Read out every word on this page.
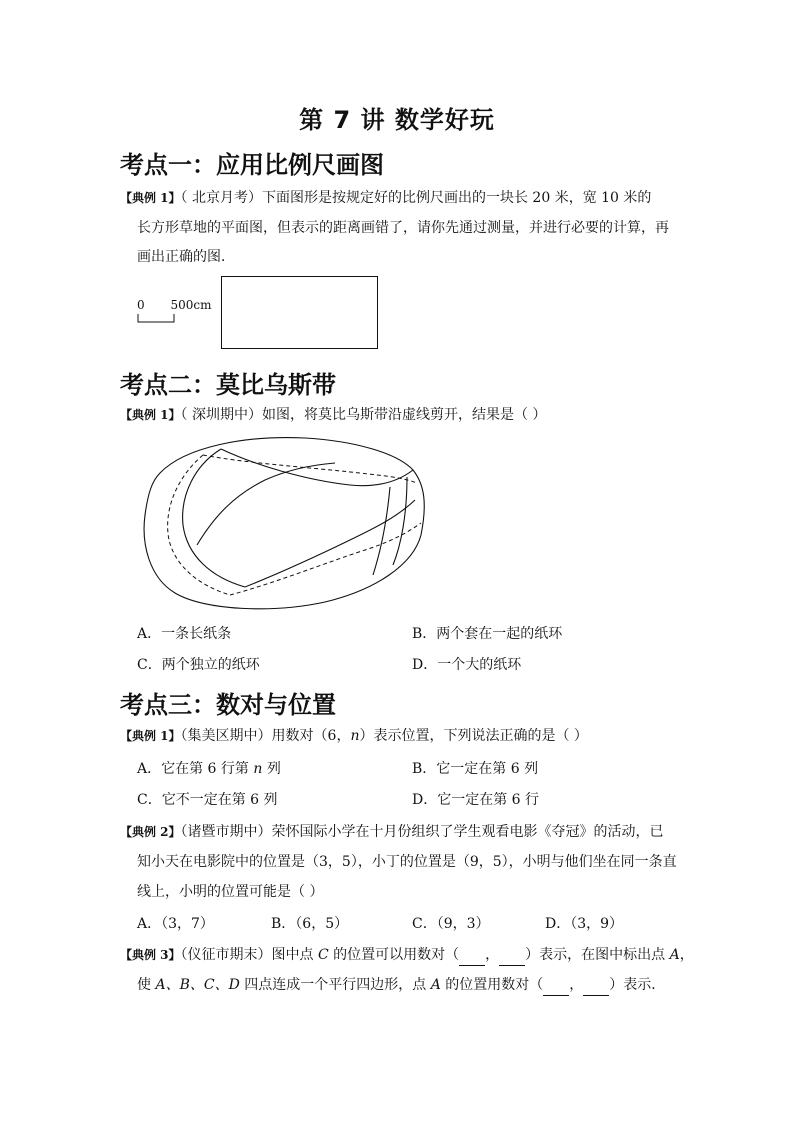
第 7 讲 数学好玩
考点一：应用比例尺画图
【典例 1】（ 北京月考）下面图形是按规定好的比例尺画出的一块长 20 米，宽 10 米的
长方形草地的平面图，但表示的距离画错了，请你先通过测量，并进行必要的计算，再
画出正确的图．
0 500cm
考点二：莫比乌斯带
【典例 1】（ 深圳期中）如图，将莫比乌斯带沿虚线剪开，结果是（ ）
A．一条长纸条	B．两个套在一起的纸环
C．两个独立的纸环	D．一个大的纸环
考点三：数对与位置
【典例 1】（集美区期中）用数对（6，n）表示位置，下列说法正确的是（ ）
A．它在第 6 行第 n 列	B．它一定在第 6 列
C．它不一定在第 6 列	D．它一定在第 6 行
【典例 2】（诸暨市期中）荣怀国际小学在十月份组织了学生观看电影《夺冠》的活动，已
知小天在电影院中的位置是（3，5），小丁的位置是（9，5），小明与他们坐在同一条直
线上，小明的位置可能是（ ）
A．（3，7）	B．（6，5）	C．（9，3）	D．（3，9）
【典例 3】（仪征市期末）图中点 C 的位置可以用数对（ ， ）表示，在图中标出点 A，
使 A、B、C、D 四点连成一个平行四边形，点 A 的位置用数对（ ， ）表示．
